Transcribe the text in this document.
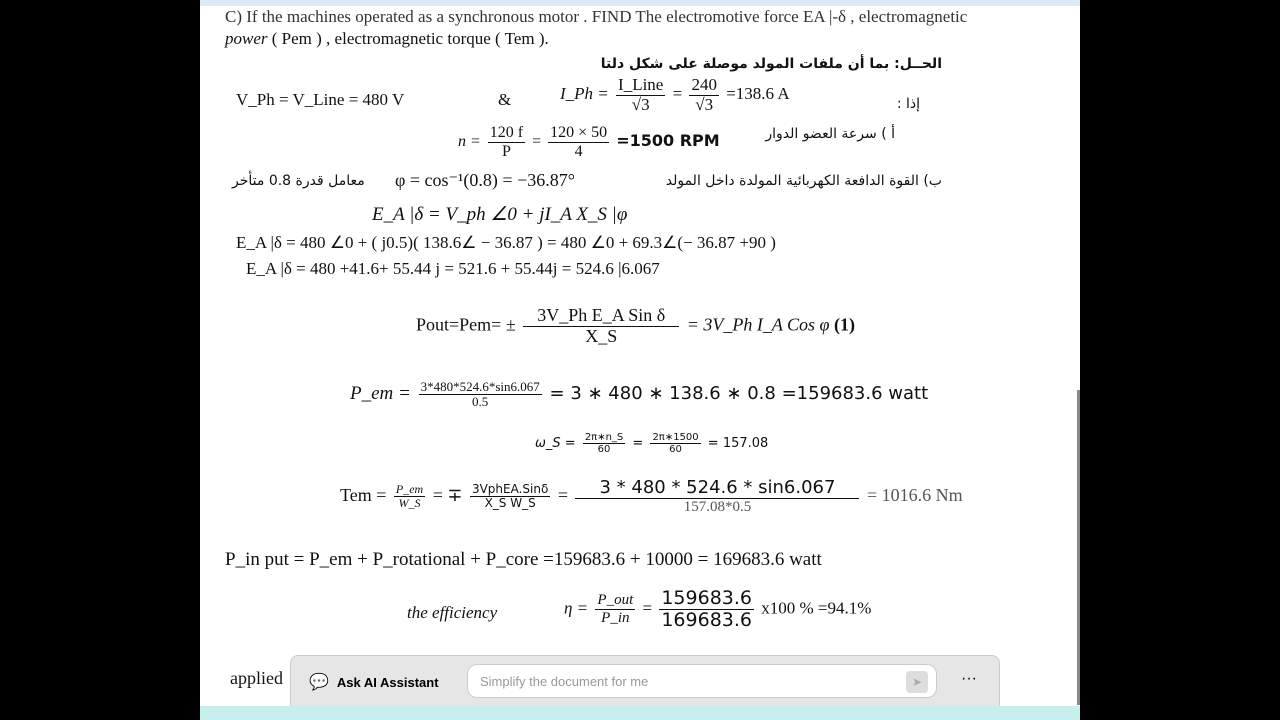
C) If the machines operated as a synchronous motor . FIND The electromotive force EA |-δ , electromagnetic
power ( Pem ) , electromagnetic torque ( Tem ).
الحــل: بما أن ملفات المولد موصلة على شكل دلتا
V_Ph = V_Line = 480 V	&	I_Ph = $\frac{\text{I\_Line}}{√3} = \frac{240}{√3} =138.6$ A
إذا :
$n = \frac{120 f}{P} = \frac{120 \times 50}{4} =1500$ RPM	أ ) سرعة العضو الدوار
ب) القوة الدافعة الكهربائية المولدة داخل المولد
φ = cos⁻¹(0.8) = −36.87°
معامل قدرة 0.8 متأخر
E_A |δ = V_ph ∠0 + jI_A X_S |φ
E_A |δ = 480 ∠0 + ( j0.5)( 138.6∠ − 36.87 ) = 480 ∠0 + 69.3∠(− 36.87 +90 )
E_A |δ = 480 +41.6+ 55.44 j = 521.6 + 55.44j = 524.6 |6.067
Pout=Pem= ± $\frac{\text{3V\_Ph E\_A Sin δ}}{X\_S}$ = 3V_Ph I_A Cos φ (1)
P_em = $\frac{3*480*524.6*\sin 6.067}{0.5} = 3$ ∗ 480 ∗ 138.6 ∗ 0.8 =159683.6 watt
ω_S = $\frac{2\pi∗n\_S}{60} = \frac{2\pi∗1500}{60} = 157.08$
Tem = $\frac{P\_em}{W\_S}$ = ∓ $\frac{\text{3VphEA.Sinδ}}{\text{X\_S W\_S}} = \frac{3 * 480 * 524.6 * \sin 6.067}{157.08*0.5} = 1016.6$ Nm
P_in put = P_em + P_rotational + P_core =159683.6 + 10000 = 169683.6 watt
the efficiency	$\eta = \frac{\text{P\_out}}{P\_in} = \frac{159683.6}{169683.6} x100$ % =94.1%
applied 💬 Ask AI Assistant	Simplify the document for me	➤	···
